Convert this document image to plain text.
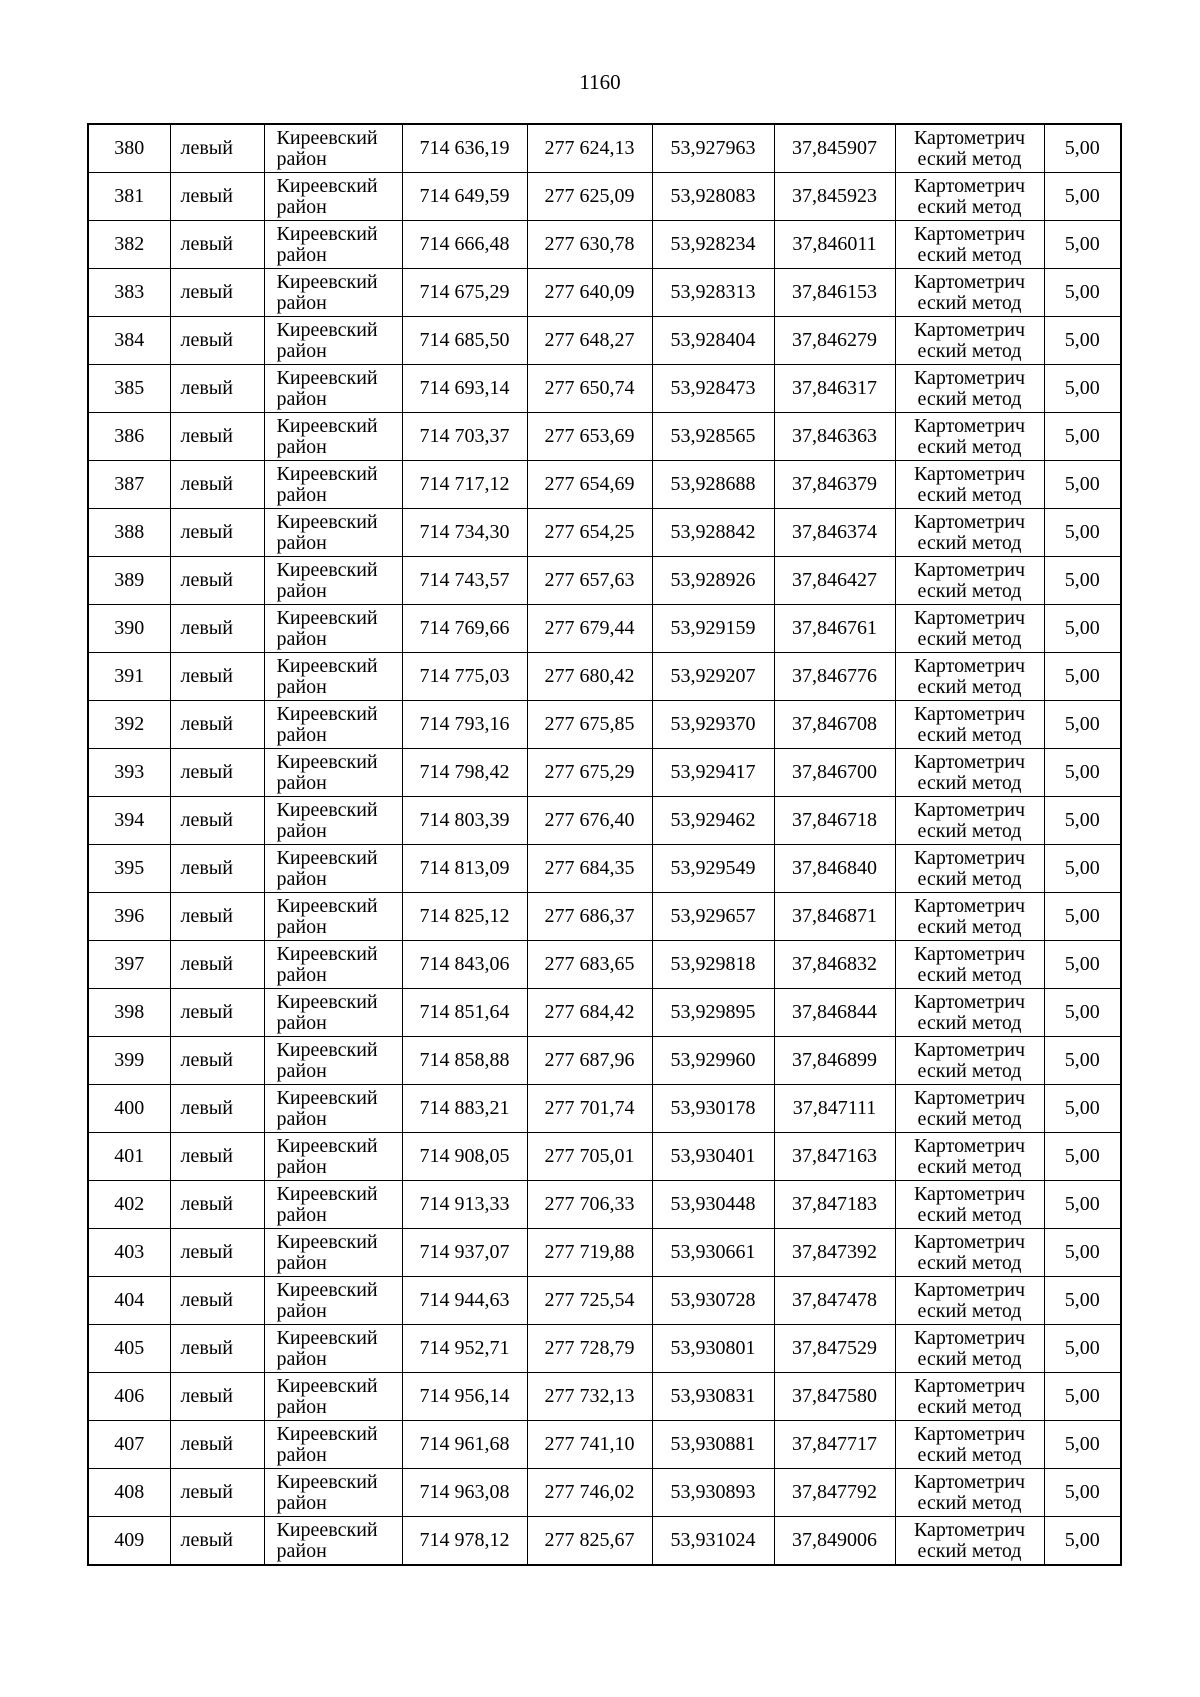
1160
380	левый	Киреевский район	714 636,19	277 624,13	53,927963	37,845907	Картометрич еский метод	5,00
381	левый	Киреевский район	714 649,59	277 625,09	53,928083	37,845923	Картометрич еский метод	5,00
382	левый	Киреевский район	714 666,48	277 630,78	53,928234	37,846011	Картометрич еский метод	5,00
383	левый	Киреевский район	714 675,29	277 640,09	53,928313	37,846153	Картометрич еский метод	5,00
384	левый	Киреевский район	714 685,50	277 648,27	53,928404	37,846279	Картометрич еский метод	5,00
385	левый	Киреевский район	714 693,14	277 650,74	53,928473	37,846317	Картометрич еский метод	5,00
386	левый	Киреевский район	714 703,37	277 653,69	53,928565	37,846363	Картометрич еский метод	5,00
387	левый	Киреевский район	714 717,12	277 654,69	53,928688	37,846379	Картометрич еский метод	5,00
388	левый	Киреевский район	714 734,30	277 654,25	53,928842	37,846374	Картометрич еский метод	5,00
389	левый	Киреевский район	714 743,57	277 657,63	53,928926	37,846427	Картометрич еский метод	5,00
390	левый	Киреевский район	714 769,66	277 679,44	53,929159	37,846761	Картометрич еский метод	5,00
391	левый	Киреевский район	714 775,03	277 680,42	53,929207	37,846776	Картометрич еский метод	5,00
392	левый	Киреевский район	714 793,16	277 675,85	53,929370	37,846708	Картометрич еский метод	5,00
393	левый	Киреевский район	714 798,42	277 675,29	53,929417	37,846700	Картометрич еский метод	5,00
394	левый	Киреевский район	714 803,39	277 676,40	53,929462	37,846718	Картометрич еский метод	5,00
395	левый	Киреевский район	714 813,09	277 684,35	53,929549	37,846840	Картометрич еский метод	5,00
396	левый	Киреевский район	714 825,12	277 686,37	53,929657	37,846871	Картометрич еский метод	5,00
397	левый	Киреевский район	714 843,06	277 683,65	53,929818	37,846832	Картометрич еский метод	5,00
398	левый	Киреевский район	714 851,64	277 684,42	53,929895	37,846844	Картометрич еский метод	5,00
399	левый	Киреевский район	714 858,88	277 687,96	53,929960	37,846899	Картометрич еский метод	5,00
400	левый	Киреевский район	714 883,21	277 701,74	53,930178	37,847111	Картометрич еский метод	5,00
401	левый	Киреевский район	714 908,05	277 705,01	53,930401	37,847163	Картометрич еский метод	5,00
402	левый	Киреевский район	714 913,33	277 706,33	53,930448	37,847183	Картометрич еский метод	5,00
403	левый	Киреевский район	714 937,07	277 719,88	53,930661	37,847392	Картометрич еский метод	5,00
404	левый	Киреевский район	714 944,63	277 725,54	53,930728	37,847478	Картометрич еский метод	5,00
405	левый	Киреевский район	714 952,71	277 728,79	53,930801	37,847529	Картометрич еский метод	5,00
406	левый	Киреевский район	714 956,14	277 732,13	53,930831	37,847580	Картометрич еский метод	5,00
407	левый	Киреевский район	714 961,68	277 741,10	53,930881	37,847717	Картометрич еский метод	5,00
408	левый	Киреевский район	714 963,08	277 746,02	53,930893	37,847792	Картометрич еский метод	5,00
409	левый	Киреевский район	714 978,12	277 825,67	53,931024	37,849006	Картометрич еский метод	5,00
